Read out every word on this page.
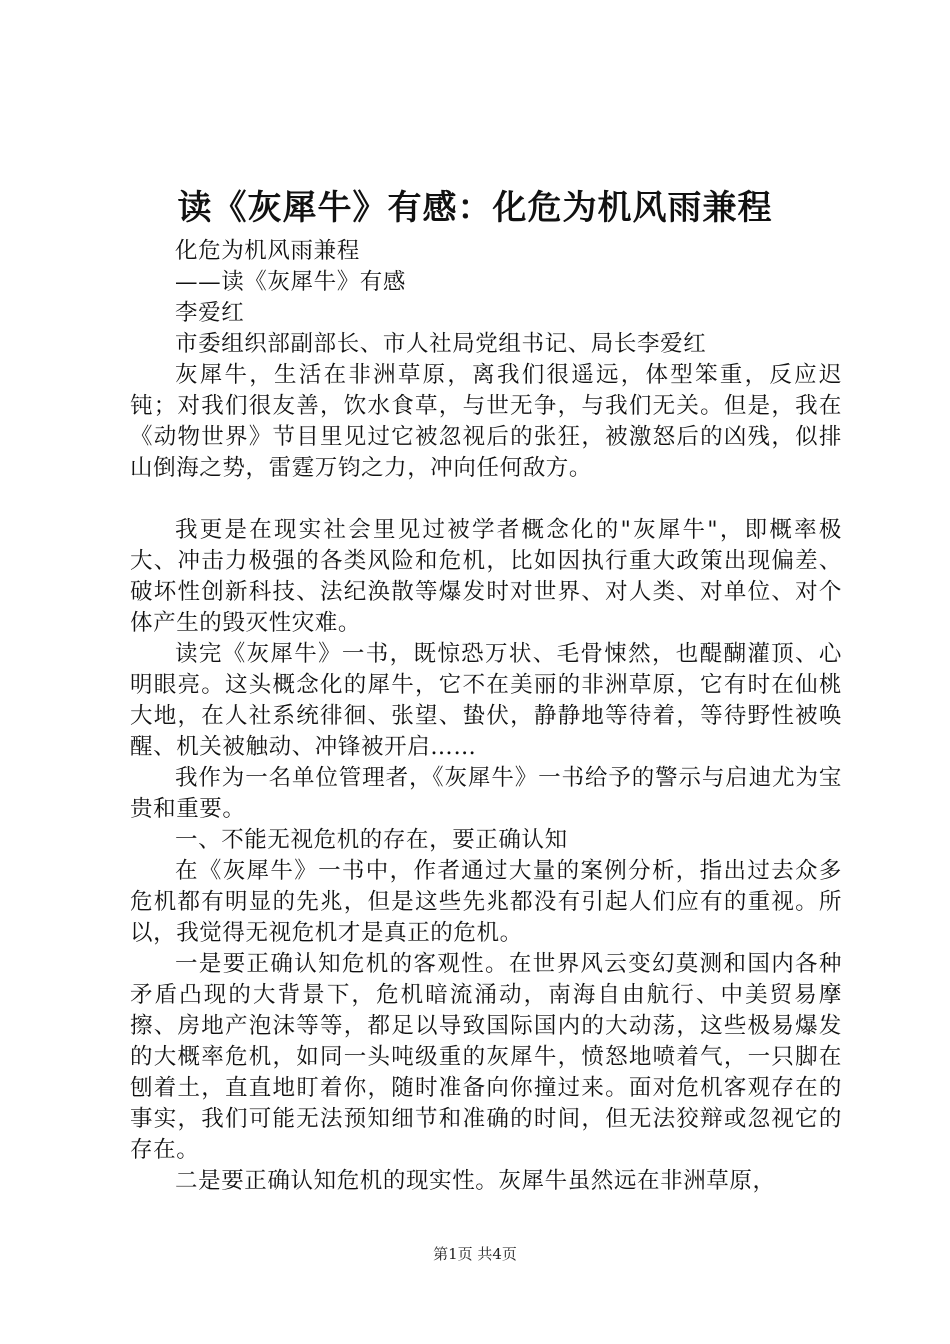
读《灰犀牛》有感：化危为机风雨兼程

化危为机风雨兼程

——读《灰犀牛》有感

李爱红

市委组织部副部长、市人社局党组书记、局长李爱红

灰犀牛，生活在非洲草原，离我们很遥远，体型笨重，反应迟钝；对我们很友善，饮水食草，与世无争，与我们无关。但是，我在《动物世界》节目里见过它被忽视后的张狂，被激怒后的凶残，似排山倒海之势，雷霆万钧之力，冲向任何敌方。

我更是在现实社会里见过被学者概念化的"灰犀牛"，即概率极大、冲击力极强的各类风险和危机，比如因执行重大政策出现偏差、破坏性创新科技、法纪涣散等爆发时对世界、对人类、对单位、对个体产生的毁灭性灾难。

读完《灰犀牛》一书，既惊恐万状、毛骨悚然，也醍醐灌顶、心明眼亮。这头概念化的犀牛，它不在美丽的非洲草原，它有时在仙桃大地，在人社系统徘徊、张望、蛰伏，静静地等待着，等待野性被唤醒、机关被触动、冲锋被开启……

我作为一名单位管理者，《灰犀牛》一书给予的警示与启迪尤为宝贵和重要。

一、不能无视危机的存在，要正确认知

在《灰犀牛》一书中，作者通过大量的案例分析，指出过去众多危机都有明显的先兆，但是这些先兆都没有引起人们应有的重视。所以，我觉得无视危机才是真正的危机。

一是要正确认知危机的客观性。在世界风云变幻莫测和国内各种矛盾凸现的大背景下，危机暗流涌动，南海自由航行、中美贸易摩擦、房地产泡沫等等，都足以导致国际国内的大动荡，这些极易爆发的大概率危机，如同一头吨级重的灰犀牛，愤怒地喷着气，一只脚在刨着土，直直地盯着你，随时准备向你撞过来。面对危机客观存在的事实，我们可能无法预知细节和准确的时间，但无法狡辩或忽视它的存在。

二是要正确认知危机的现实性。灰犀牛虽然远在非洲草原，

第1页 共4页
